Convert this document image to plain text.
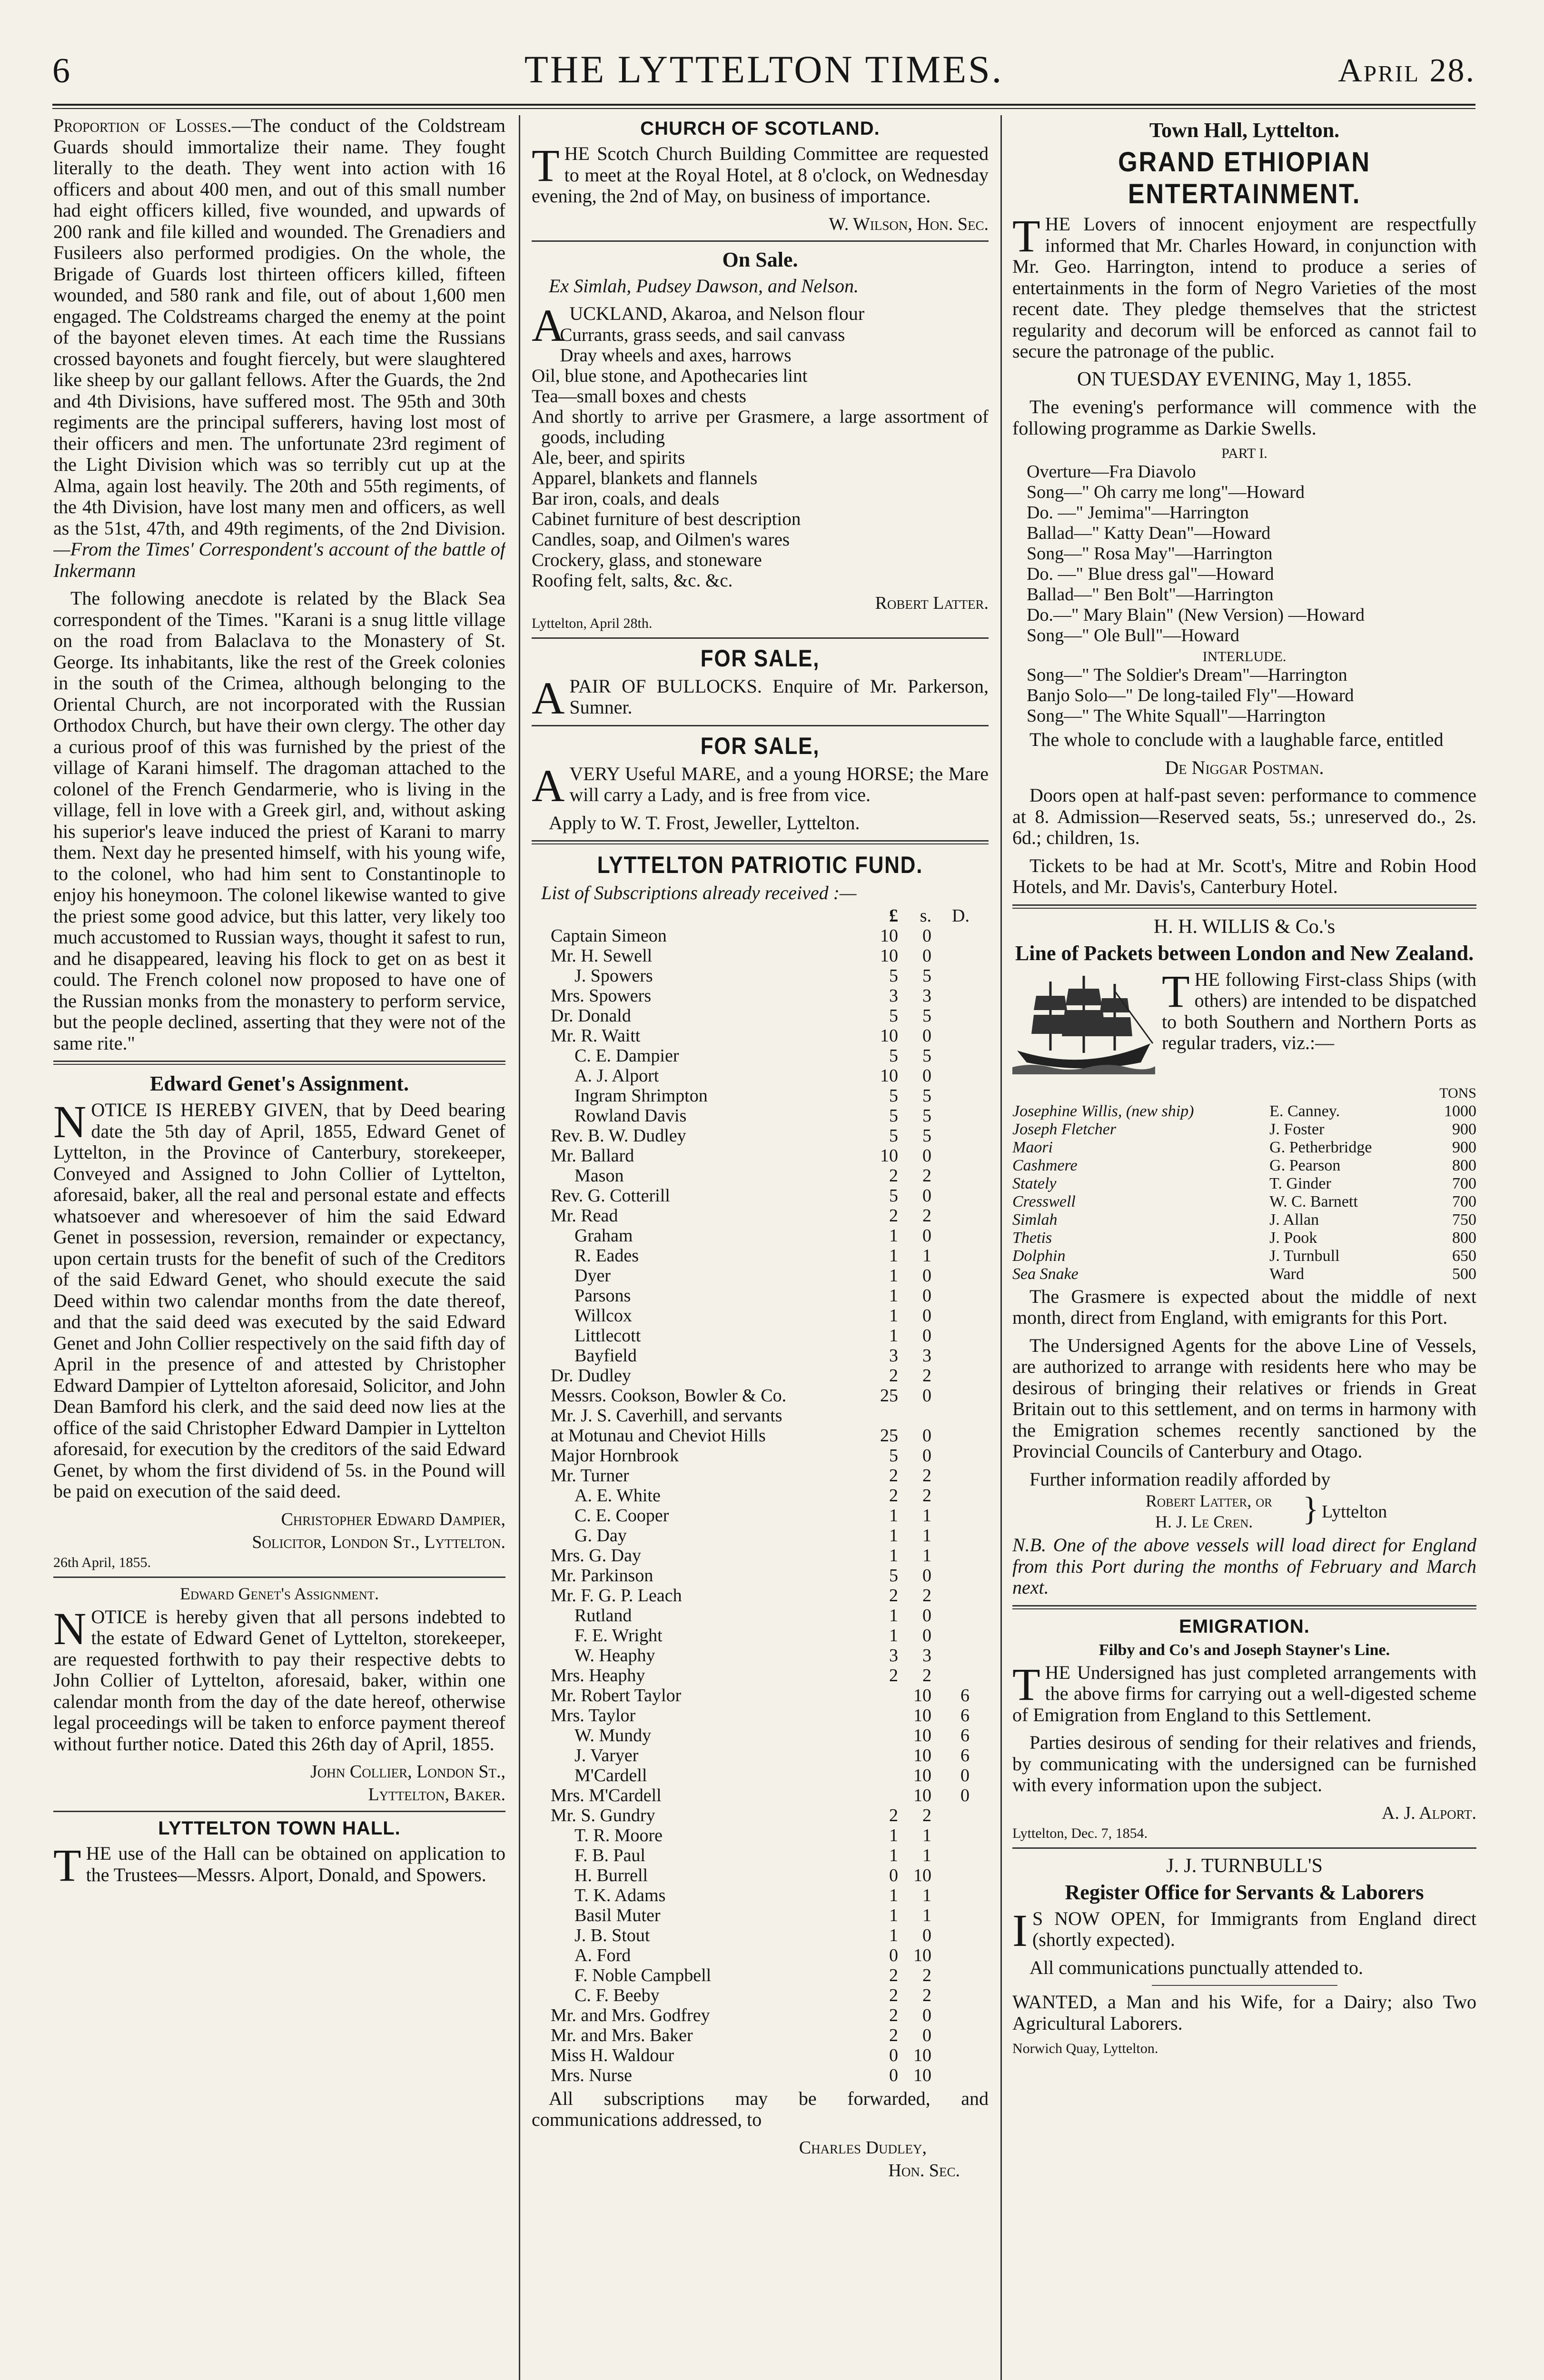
6	THE LYTTELTON TIMES.	April 28.

Proportion of Losses.—The conduct of the Coldstream Guards should immortalize their name. They fought literally to the death. They went into action with 16 officers and about 400 men, and out of this small number had eight officers killed, five wounded, and upwards of 200 rank and file killed and wounded. The Grenadiers and Fusileers also performed prodigies. On the whole, the Brigade of Guards lost thirteen officers killed, fifteen wounded, and 580 rank and file, out of about 1,600 men engaged. The Coldstreams charged the enemy at the point of the bayonet eleven times. At each time the Russians crossed bayonets and fought fiercely, but were slaughtered like sheep by our gallant fellows. After the Guards, the 2nd and 4th Divisions, have suffered most. The 95th and 30th regiments are the principal sufferers, having lost most of their officers and men. The unfortunate 23rd regiment of the Light Division which was so terribly cut up at the Alma, again lost heavily. The 20th and 55th regiments, of the 4th Division, have lost many men and officers, as well as the 51st, 47th, and 49th regiments, of the 2nd Division.—From the Times' Correspondent's account of the battle of Inkermann

The following anecdote is related by the Black Sea correspondent of the Times. "Karani is a snug little village on the road from Balaclava to the Monastery of St. George. Its inhabitants, like the rest of the Greek colonies in the south of the Crimea, although belonging to the Oriental Church, are not incorporated with the Russian Orthodox Church, but have their own clergy. The other day a curious proof of this was furnished by the priest of the village of Karani himself. The dragoman attached to the colonel of the French Gendarmerie, who is living in the village, fell in love with a Greek girl, and, without asking his superior's leave induced the priest of Karani to marry them. Next day he presented himself, with his young wife, to the colonel, who had him sent to Constantinople to enjoy his honeymoon. The colonel likewise wanted to give the priest some good advice, but this latter, very likely too much accustomed to Russian ways, thought it safest to run, and he disappeared, leaving his flock to get on as best it could. The French colonel now proposed to have one of the Russian monks from the monastery to perform service, but the people declined, asserting that they were not of the same rite."

Edward Genet's Assignment.

NOTICE IS HEREBY GIVEN, that by Deed bearing date the 5th day of April, 1855, Edward Genet of Lyttelton, in the Province of Canterbury, storekeeper, Conveyed and Assigned to John Collier of Lyttelton, aforesaid, baker, all the real and personal estate and effects whatsoever and wheresoever of him the said Edward Genet in possession, reversion, remainder or expectancy, upon certain trusts for the benefit of such of the Creditors of the said Edward Genet, who should execute the said Deed within two calendar months from the date thereof, and that the said deed was executed by the said Edward Genet and John Collier respectively on the said fifth day of April in the presence of and attested by Christopher Edward Dampier of Lyttelton aforesaid, Solicitor, and John Dean Bamford his clerk, and the said deed now lies at the office of the said Christopher Edward Dampier in Lyttelton aforesaid, for execution by the creditors of the said Edward Genet, by whom the first dividend of 5s. in the Pound will be paid on execution of the said deed.

Christopher Edward Dampier,
Solicitor, London St., Lyttelton.
26th April, 1855.
Edward Genet's Assignment.

NOTICE is hereby given that all persons indebted to the estate of Edward Genet of Lyttelton, storekeeper, are requested forthwith to pay their respective debts to John Collier of Lyttelton, aforesaid, baker, within one calendar month from the day of the date hereof, otherwise legal proceedings will be taken to enforce payment thereof without further notice. Dated this 26th day of April, 1855.

John Collier, London St.,
Lyttelton, Baker.
LYTTELTON TOWN HALL.

THE use of the Hall can be obtained on application to the Trustees—Messrs. Alport, Donald, and Spowers.

CHURCH OF SCOTLAND.

THE Scotch Church Building Committee are requested to meet at the Royal Hotel, at 8 o'clock, on Wednesday evening, the 2nd of May, on business of importance.

W. Wilson, Hon. Sec.
On Sale.

Ex Simlah, Pudsey Dawson, and Nelson.

AUCKLAND, Akaroa, and Nelson flour

Currants, grass seeds, and sail canvass

Dray wheels and axes, harrows

Oil, blue stone, and Apothecaries lint

Tea—small boxes and chests

And shortly to arrive per Grasmere, a large assortment of goods, including

Ale, beer, and spirits

Apparel, blankets and flannels

Bar iron, coals, and deals

Cabinet furniture of best description

Candles, soap, and Oilmen's wares

Crockery, glass, and stoneware

Roofing felt, salts, &c. &c.

Robert Latter.
Lyttelton, April 28th.
FOR SALE,

APAIR OF BULLOCKS. Enquire of Mr. Parkerson, Sumner.

FOR SALE,

AVERY Useful MARE, and a young HORSE; the Mare will carry a Lady, and is free from vice.

Apply to W. T. Frost, Jeweller, Lyttelton.

LYTTELTON PATRIOTIC FUND.

List of Subscriptions already received :—

	£	s.	D.
Captain Simeon	10	0	
Mr. H. Sewell	10	0	
J. Spowers	5	5	
Mrs. Spowers	3	3	
Dr. Donald	5	5	
Mr. R. Waitt	10	0	
C. E. Dampier	5	5	
A. J. Alport	10	0	
Ingram Shrimpton	5	5	
Rowland Davis	5	5	
Rev. B. W. Dudley	5	5	
Mr. Ballard	10	0	
Mason	2	2	
Rev. G. Cotterill	5	0	
Mr. Read	2	2	
Graham	1	0	
R. Eades	1	1	
Dyer	1	0	
Parsons	1	0	
Willcox	1	0	
Littlecott	1	0	
Bayfield	3	3	
Dr. Dudley	2	2	
Messrs. Cookson, Bowler & Co.	25	0	
Mr. J. S. Caverhill, and servants			
at Motunau and Cheviot Hills	25	0	
Major Hornbrook	5	0	
Mr. Turner	2	2	
A. E. White	2	2	
C. E. Cooper	1	1	
G. Day	1	1	
Mrs. G. Day	1	1	
Mr. Parkinson	5	0	
Mr. F. G. P. Leach	2	2	
Rutland	1	0	
F. E. Wright	1	0	
W. Heaphy	3	3	
Mrs. Heaphy	2	2	
Mr. Robert Taylor		10	6
Mrs. Taylor		10	6
W. Mundy		10	6
J. Varyer		10	6
M'Cardell		10	0
Mrs. M'Cardell		10	0
Mr. S. Gundry	2	2	
T. R. Moore	1	1	
F. B. Paul	1	1	
H. Burrell	0	10	
T. K. Adams	1	1	
Basil Muter	1	1	
J. B. Stout	1	0	
A. Ford	0	10	
F. Noble Campbell	2	2	
C. F. Beeby	2	2	
Mr. and Mrs. Godfrey	2	0	
Mr. and Mrs. Baker	2	0	
Miss H. Waldour	0	10	
Mrs. Nurse	0	10	

All subscriptions may be forwarded, and communications addressed, to

Charles Dudley,
Hon. Sec.
Town Hall, Lyttelton.
GRAND ETHIOPIAN ENTERTAINMENT.

THE Lovers of innocent enjoyment are respectfully informed that Mr. Charles Howard, in conjunction with Mr. Geo. Harrington, intend to produce a series of entertainments in the form of Negro Varieties of the most recent date. They pledge themselves that the strictest regularity and decorum will be enforced as cannot fail to secure the patronage of the public.

ON TUESDAY EVENING, May 1, 1855.

The evening's performance will commence with the following programme as Darkie Swells.

PART I.

Overture—Fra Diavolo

Song—" Oh carry me long"—Howard

Do. —" Jemima"—Harrington

Ballad—" Katty Dean"—Howard

Song—" Rosa May"—Harrington

Do. —" Blue dress gal"—Howard

Ballad—" Ben Bolt"—Harrington

Do.—" Mary Blain" (New Version) —Howard

Song—" Ole Bull"—Howard

INTERLUDE.

Song—" The Soldier's Dream"—Harrington

Banjo Solo—" De long-tailed Fly"—Howard

Song—" The White Squall"—Harrington

The whole to conclude with a laughable farce, entitled

De Niggar Postman.

Doors open at half-past seven: performance to commence at 8. Admission—Reserved seats, 5s.; unreserved do., 2s. 6d.; children, 1s.

Tickets to be had at Mr. Scott's, Mitre and Robin Hood Hotels, and Mr. Davis's, Canterbury Hotel.

H. H. WILLIS & Co.'s
Line of Packets between London and New Zealand.

THE following First-class Ships (with others) are intended to be dispatched to both Southern and Northern Ports as regular traders, viz.:—

		TONS
Josephine Willis, (new ship)	E. Canney.	1000
Joseph Fletcher	J. Foster	900
Maori	G. Petherbridge	900
Cashmere	G. Pearson	800
Stately	T. Ginder	700
Cresswell	W. C. Barnett	700
Simlah	J. Allan	750
Thetis	J. Pook	800
Dolphin	J. Turnbull	650
Sea Snake	Ward	500

The Grasmere is expected about the middle of next month, direct from England, with emigrants for this Port.

The Undersigned Agents for the above Line of Vessels, are authorized to arrange with residents here who may be desirous of bringing their relatives or friends in Great Britain out to this settlement, and on terms in harmony with the Emigration schemes recently sanctioned by the Provincial Councils of Canterbury and Otago.

Further information readily afforded by

Robert Latter, or
H. J. Le Cren. } Lyttelton

N.B. One of the above vessels will load direct for England from this Port during the months of February and March next.

EMIGRATION.
Filby and Co's and Joseph Stayner's Line.

THE Undersigned has just completed arrangements with the above firms for carrying out a well-digested scheme of Emigration from England to this Settlement.

Parties desirous of sending for their relatives and friends, by communicating with the undersigned can be furnished with every information upon the subject.

A. J. Alport.
Lyttelton, Dec. 7, 1854.
J. J. TURNBULL'S
Register Office for Servants & Laborers

I S NOW OPEN, for Immigrants from England direct (shortly expected).

All communications punctually attended to.

WANTED, a Man and his Wife, for a Dairy; also Two Agricultural Laborers.

Norwich Quay, Lyttelton.
